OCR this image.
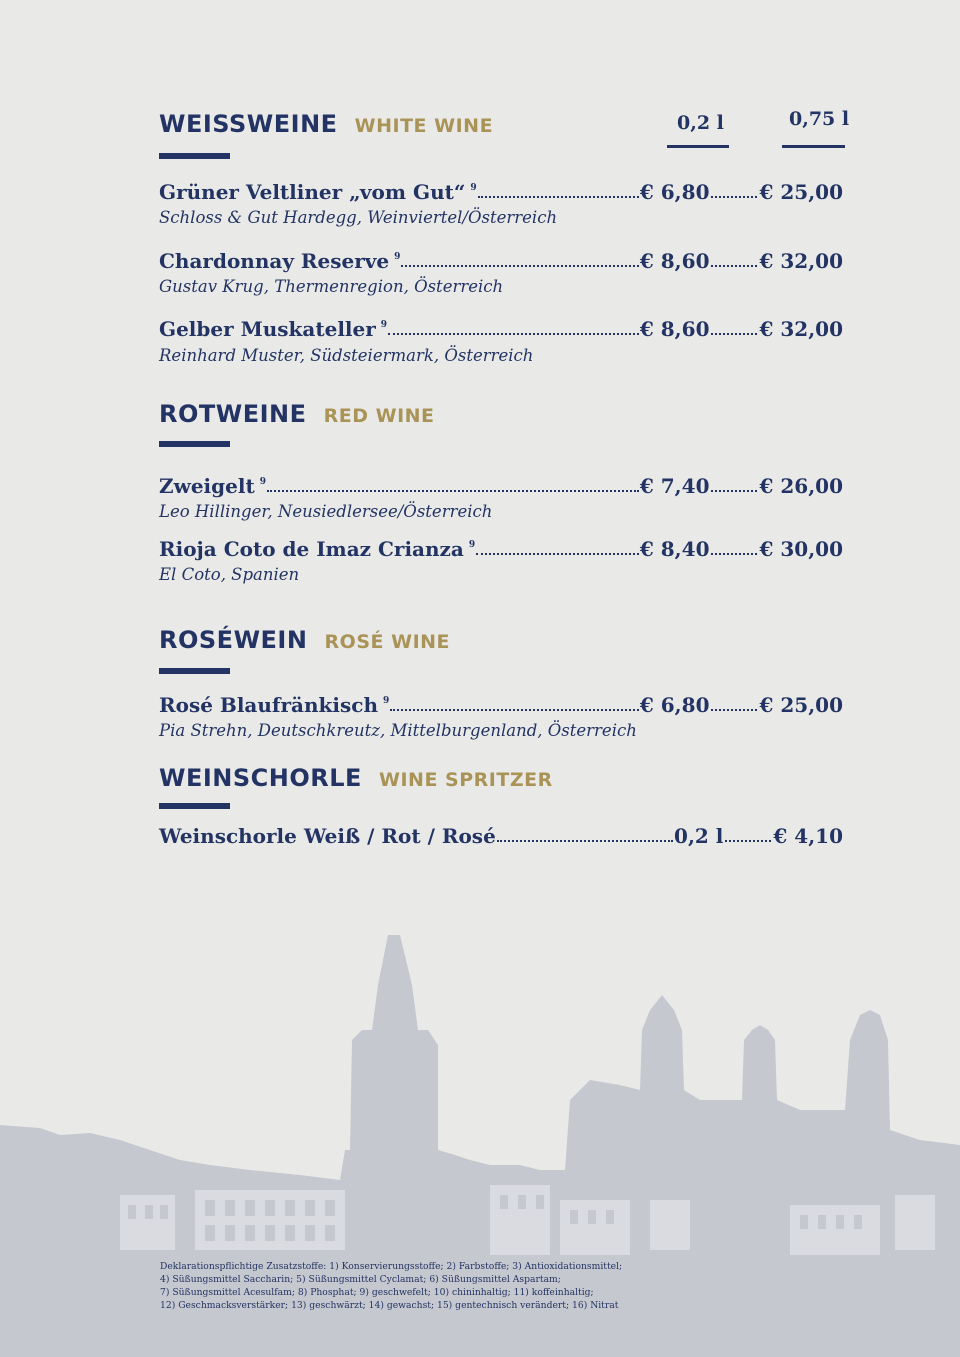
0,2 l	0,75 l
WEISSWEINE WHITE WINE
Grüner Veltliner „vom Gut“ $^9$	€ 6,80	€ 25,00
Schloss & Gut Hardegg, Weinviertel/Österreich
Chardonnay Reserve $^9$	€ 8,60	€ 32,00
Gustav Krug, Thermenregion, Österreich
Gelber Muskateller $^9$	€ 8,60	€ 32,00
Reinhard Muster, Südsteiermark, Österreich
ROTWEINE RED WINE
Zweigelt $^9$	€ 7,40	€ 26,00
Leo Hillinger, Neusiedlersee/Österreich
Rioja Coto de Imaz Crianza $^9$	€ 8,40	€ 30,00
El Coto, Spanien
ROSÉWEIN ROSÉ WINE
Rosé Blaufränkisch $^9$	€ 6,80	€ 25,00
Pia Strehn, Deutschkreutz, Mittelburgenland, Österreich
WEINSCHORLE WINE SPRITZER
Weinschorle Weiß / Rot / Rosé	0,2 l	€ 4,10
Deklarationspflichtige Zusatzstoffe: 1) Konservierungsstoffe; 2) Farbstoffe; 3) Antioxidationsmittel;
4) Süßungsmittel Saccharin; 5) Süßungsmittel Cyclamat; 6) Süßungsmittel Aspartam;
7) Süßungsmittel Acesulfam; 8) Phosphat; 9) geschwefelt; 10) chininhaltig; 11) koffeinhaltig;
12) Geschmacksverstärker; 13) geschwärzt; 14) gewachst; 15) gentechnisch verändert; 16) Nitrat
